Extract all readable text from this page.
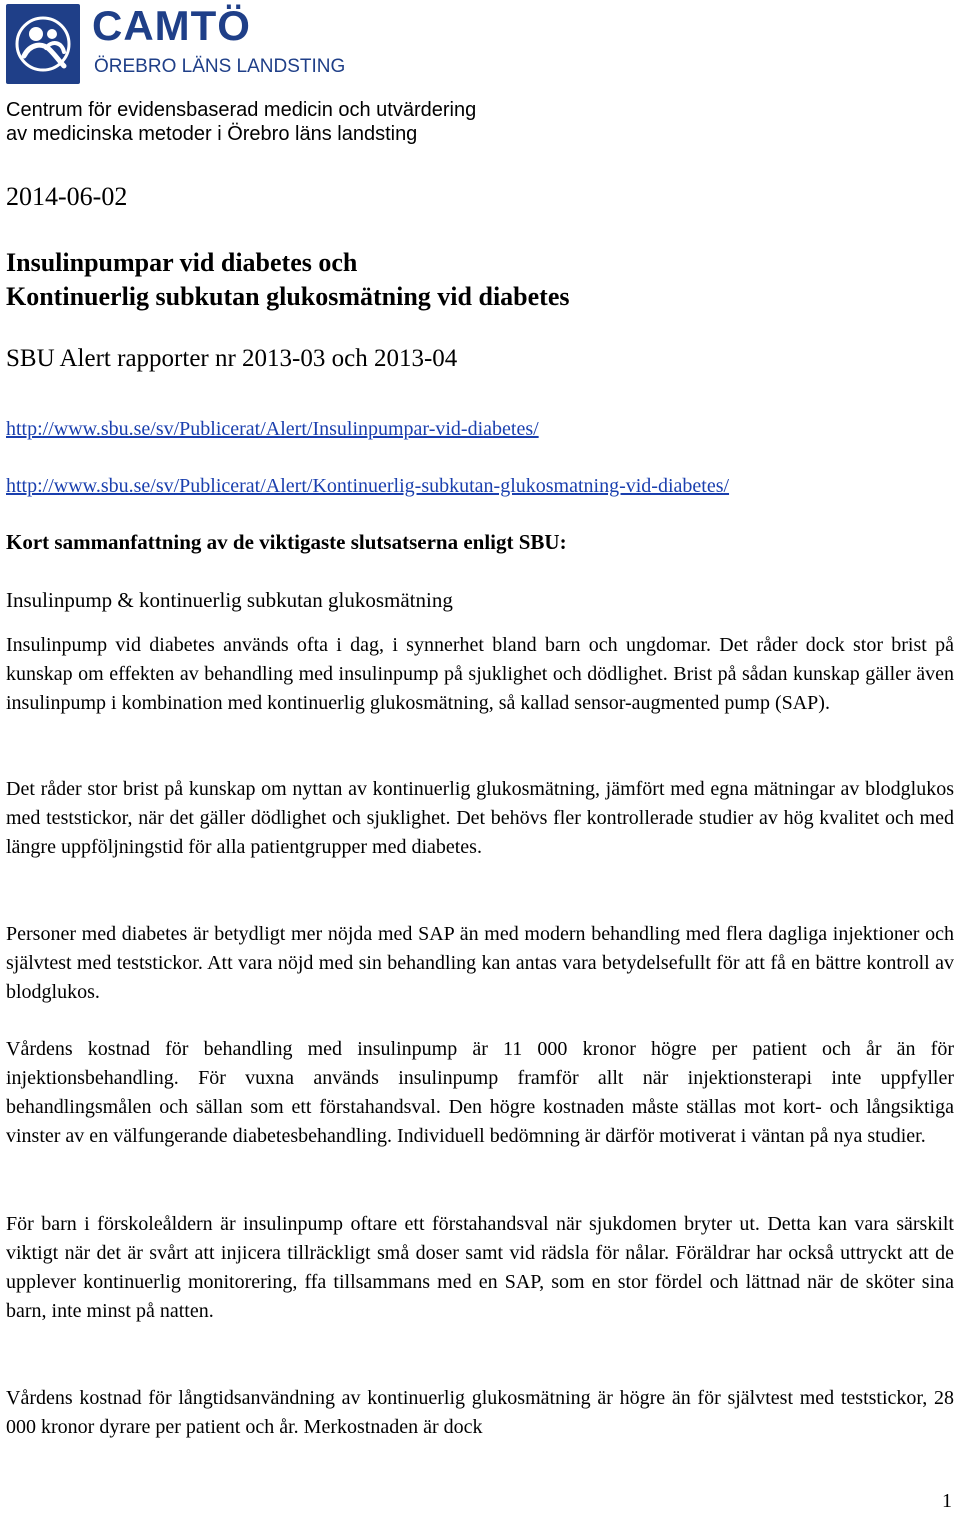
CAMTÖ
ÖREBRO LÄNS LANDSTING
Centrum för evidensbaserad medicin och utvärdering
av medicinska metoder i Örebro läns landsting
2014-06-02
Insulinpumpar vid diabetes och
Kontinuerlig subkutan glukosmätning vid diabetes
SBU Alert rapporter nr 2013-03 och 2013-04
http://www.sbu.se/sv/Publicerat/Alert/Insulinpumpar-vid-diabetes/
http://www.sbu.se/sv/Publicerat/Alert/Kontinuerlig-subkutan-glukosmatning-vid-diabetes/
Kort sammanfattning av de viktigaste slutsatserna enligt SBU:
Insulinpump & kontinuerlig subkutan glukosmätning

Insulinpump vid diabetes används ofta i dag, i synnerhet bland barn och ungdomar. Det råder dock stor brist på kunskap om effekten av behandling med insulinpump på sjuklighet och dödlighet. Brist på sådan kunskap gäller även insulinpump i kombination med kontinuerlig glukosmätning, så kallad sensor-augmented pump (SAP).

Det råder stor brist på kunskap om nyttan av kontinuerlig glukosmätning, jämfört med egna mätningar av blodglukos med teststickor, när det gäller dödlighet och sjuklighet. Det behövs fler kontrollerade studier av hög kvalitet och med längre uppföljningstid för alla patientgrupper med diabetes.

Personer med diabetes är betydligt mer nöjda med SAP än med modern behandling med flera dagliga injektioner och självtest med teststickor. Att vara nöjd med sin behandling kan antas vara betydelsefullt för att få en bättre kontroll av blodglukos.

Vårdens kostnad för behandling med insulinpump är 11 000 kronor högre per patient och år än för injektionsbehandling. För vuxna används insulinpump framför allt när injektionsterapi inte uppfyller behandlingsmålen och sällan som ett förstahandsval. Den högre kostnaden måste ställas mot kort- och långsiktiga vinster av en välfungerande diabetesbehandling. Individuell bedömning är därför motiverat i väntan på nya studier.

För barn i förskoleåldern är insulinpump oftare ett förstahandsval när sjukdomen bryter ut. Detta kan vara särskilt viktigt när det är svårt att injicera tillräckligt små doser samt vid rädsla för nålar. Föräldrar har också uttryckt att de upplever kontinuerlig monitorering, ffa tillsammans med en SAP, som en stor fördel och lättnad när de sköter sina barn, inte minst på natten.

Vårdens kostnad för långtidsanvändning av kontinuerlig glukosmätning är högre än för självtest med teststickor, 28 000 kronor dyrare per patient och år. Merkostnaden är dock

1
